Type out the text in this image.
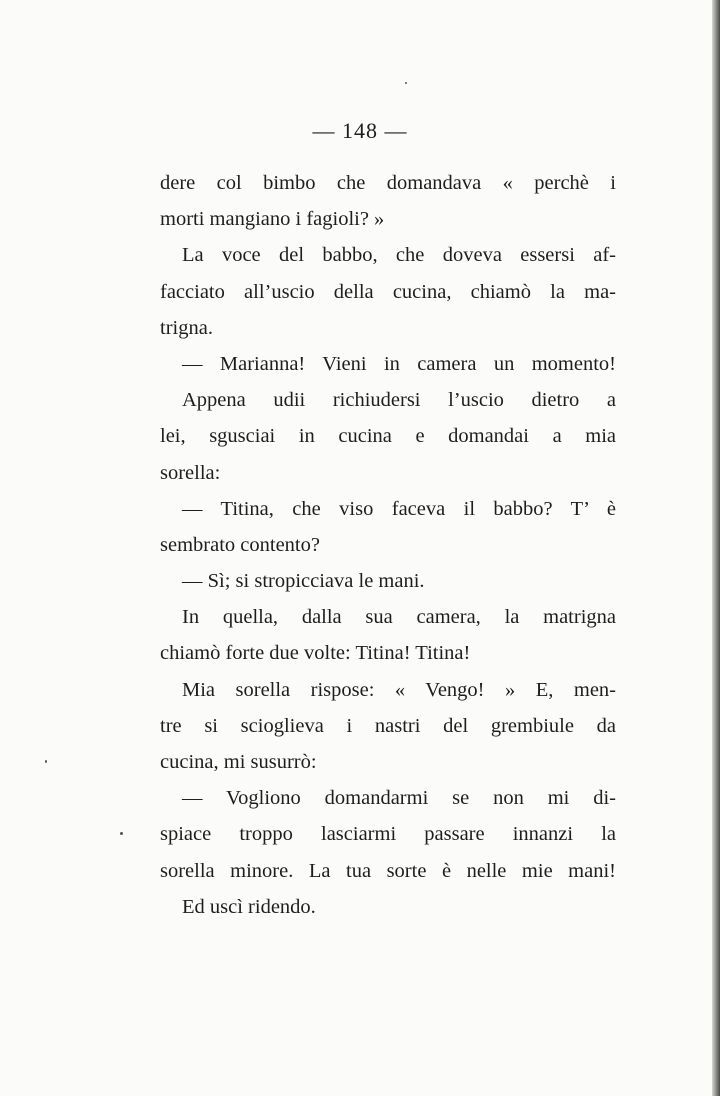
— 148 —
dere col bimbo che domandava « perchè i
morti mangiano i fagioli? »
La voce del babbo, che doveva essersi af-
facciato all’uscio della cucina, chiamò la ma-
trigna.
— Marianna! Vieni in camera un momento!
Appena udii richiudersi l’uscio dietro a
lei, sgusciai in cucina e domandai a mia
sorella:
— Titina, che viso faceva il babbo? T’ è
sembrato contento?
— Sì; si stropicciava le mani.
In quella, dalla sua camera, la matrigna
chiamò forte due volte: Titina! Titina!
Mia sorella rispose: « Vengo! » E, men-
tre si scioglieva i nastri del grembiule da
cucina, mi susurrò:
— Vogliono domandarmi se non mi di-
spiace troppo lasciarmi passare innanzi la
sorella minore. La tua sorte è nelle mie mani!
Ed uscì ridendo.
